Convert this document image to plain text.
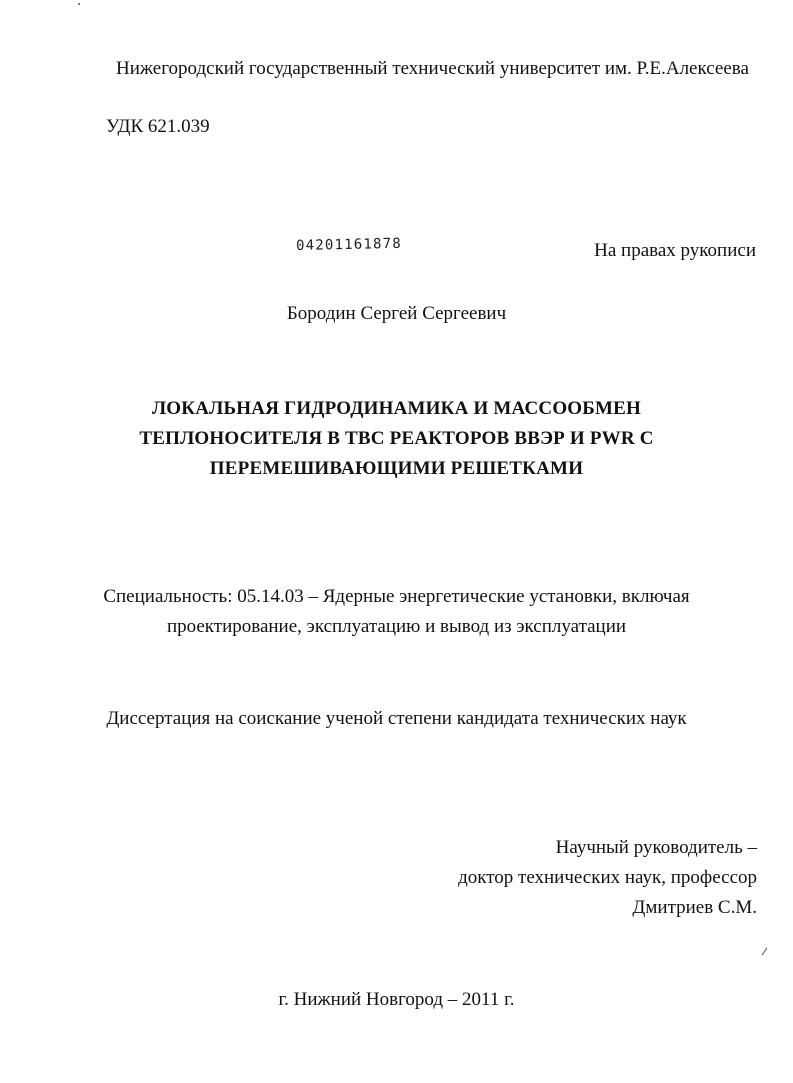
Нижегородский государственный технический университет им. Р.Е.Алексеева
УДК 621.039
04201161878	На правах рукописи
Бородин Сергей Сергеевич
ЛОКАЛЬНАЯ ГИДРОДИНАМИКА И МАССООБМЕН
ТЕПЛОНОСИТЕЛЯ В ТВС РЕАКТОРОВ ВВЭР И PWR С
ПЕРЕМЕШИВАЮЩИМИ РЕШЕТКАМИ
Специальность: 05.14.03 – Ядерные энергетические установки, включая
проектирование, эксплуатацию и вывод из эксплуатации
Диссертация на соискание ученой степени кандидата технических наук
Научный руководитель –
доктор технических наук, профессор
Дмитриев С.М.
г. Нижний Новгород – 2011 г.
